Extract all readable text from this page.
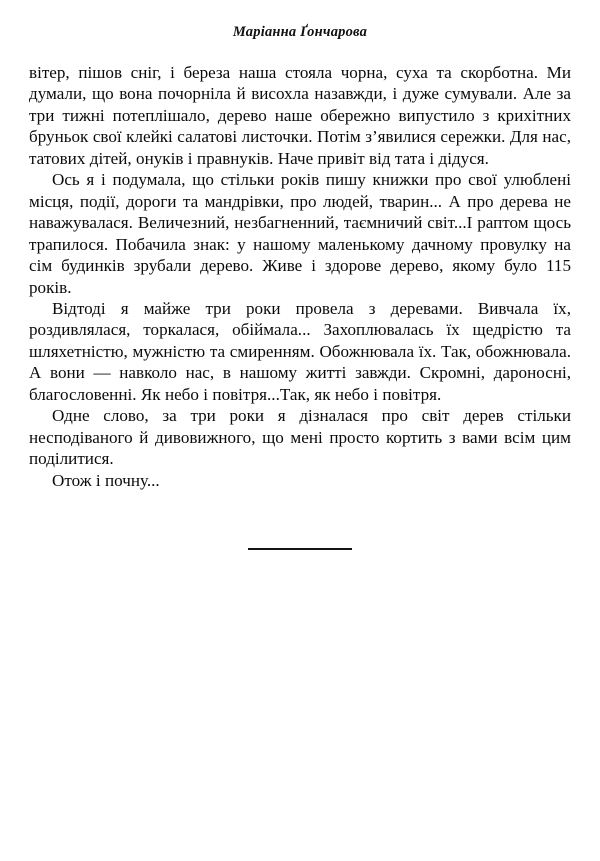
Маріанна Ґончарова

вітер, пішов сніг, і береза наша стояла чорна, суха та скорботна. Ми думали, що вона почорніла й висохла назавжди, і дуже сумували. Але за три тижні потеплішало, дерево наше обережно випустило з крихітних бруньок свої клейкі салатові листочки. Потім з’явилися сережки. Для нас, татових дітей, онуків і правнуків. Наче привіт від тата і дідуся.

Ось я і подумала, що стільки років пишу книжки про свої улюблені місця, події, дороги та мандрівки, про людей, тварин... А про дерева не наважувалася. Величезний, незбагненний, таємничий світ...І раптом щось трапилося. Побачила знак: у нашому маленькому дачному провулку на сім будинків зрубали дерево. Живе і здорове дерево, якому було 115 років.

Відтоді я майже три роки провела з деревами. Вивчала їх, роздивлялася, торкалася, обіймала... Захоплювалась їх щедрістю та шляхетністю, мужністю та смиренням. Обожнювала їх. Так, обожнювала. А вони — навколо нас, в нашому житті завжди. Скромні, дароносні, благословенні. Як небо і повітря...Так, як небо і повітря.

Одне слово, за три роки я дізналася про світ дерев стільки несподіваного й дивовижного, що мені просто кортить з вами всім цим поділитися.

Отож і почну...
